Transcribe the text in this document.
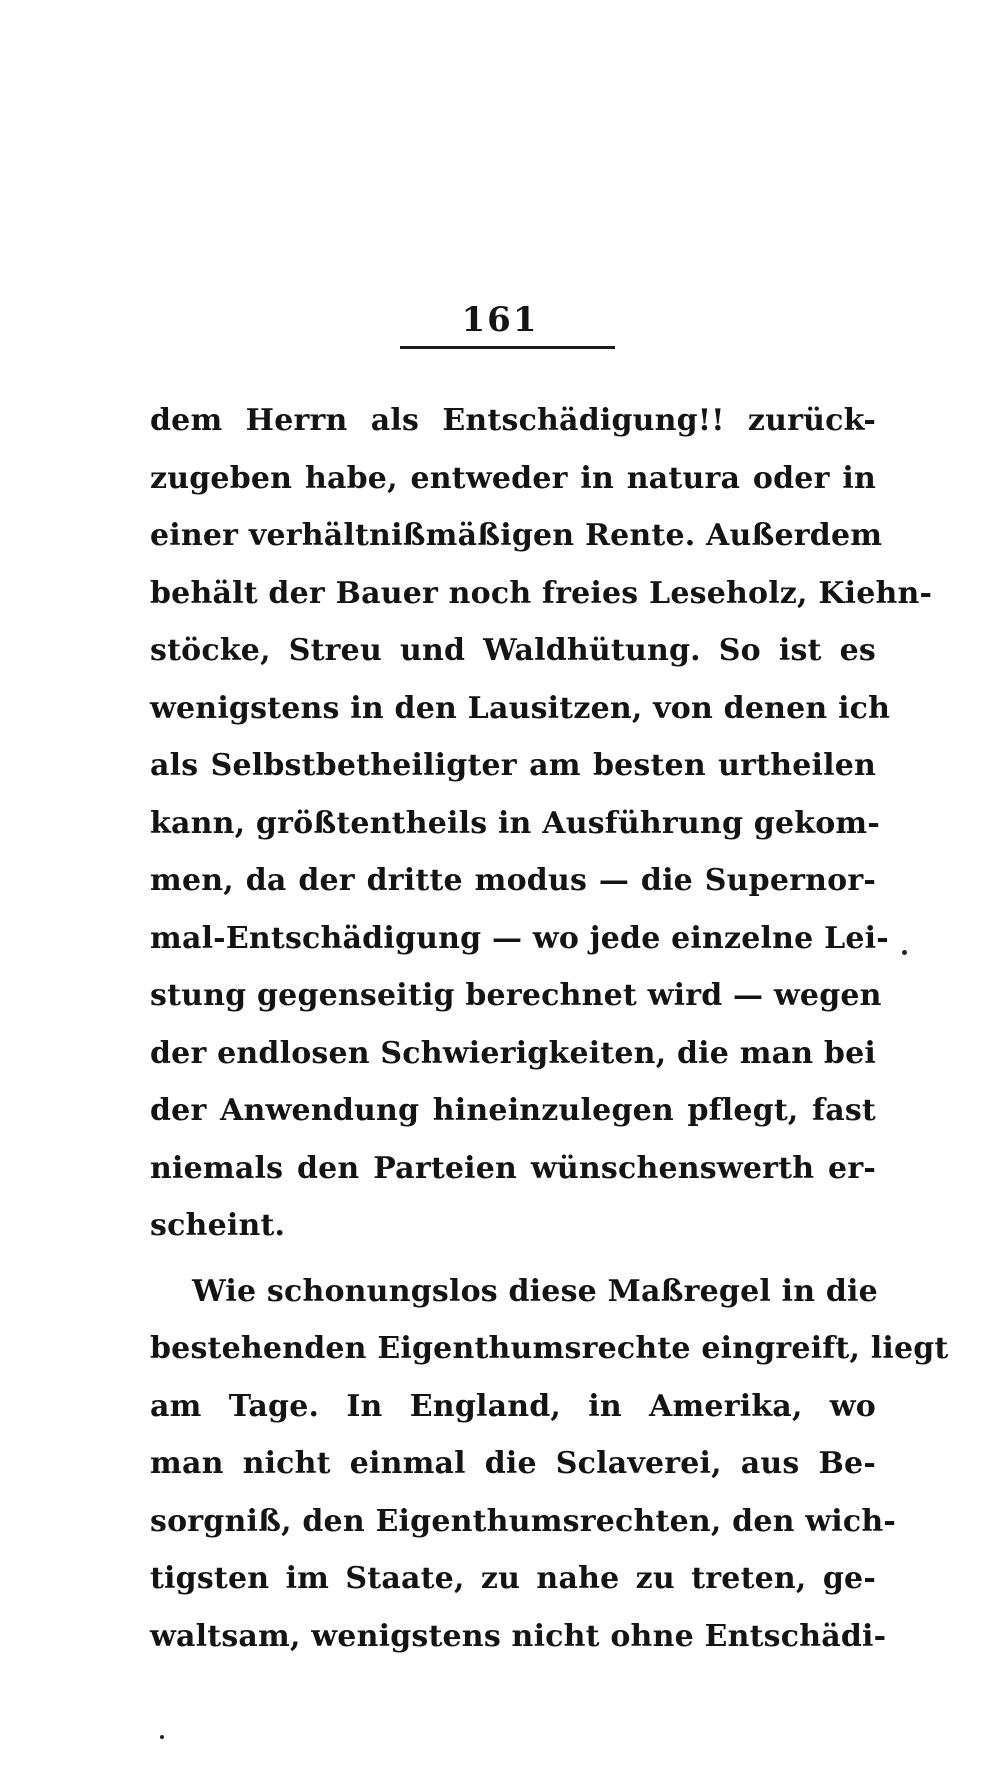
161
dem Herrn als Entschädigung!! zurück-
zugeben habe, entweder in natura oder in
einer verhältnißmäßigen Rente. Außerdem
behält der Bauer noch freies Leseholz, Kiehn-
stöcke, Streu und Waldhütung. So ist es
wenigstens in den Lausitzen, von denen ich
als Selbstbetheiligter am besten urtheilen
kann, größtentheils in Ausführung gekom-
men, da der dritte modus — die Supernor-
mal-Entschädigung — wo jede einzelne Lei-
stung gegenseitig berechnet wird — wegen
der endlosen Schwierigkeiten, die man bei
der Anwendung hineinzulegen pflegt, fast
niemals den Parteien wünschenswerth er-
scheint.
Wie schonungslos diese Maßregel in die
bestehenden Eigenthumsrechte eingreift, liegt
am Tage. In England, in Amerika, wo
man nicht einmal die Sclaverei, aus Be-
sorgniß, den Eigenthumsrechten, den wich-
tigsten im Staate, zu nahe zu treten, ge-
waltsam, wenigstens nicht ohne Entschädi-
